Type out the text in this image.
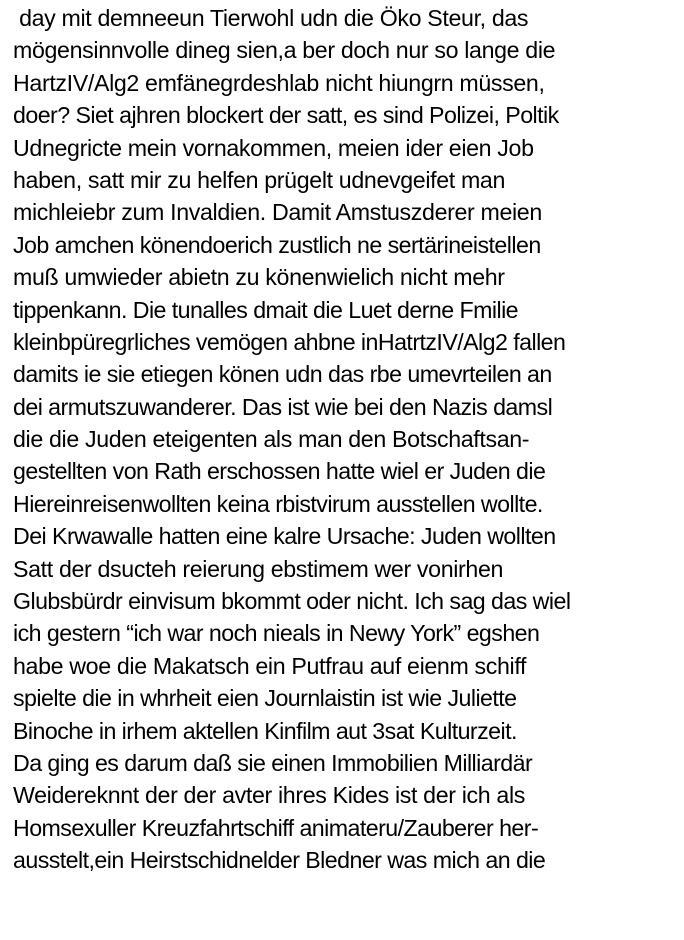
day mit demneeun Tierwohl udn die Öko Steur, das
mögensinnvolle dineg sien,a ber doch nur so lange die
HartzIV/Alg2 emfänegrdeshlab nicht hiungrn müssen,
doer? Siet ajhren blockert der satt, es sind Polizei, Poltik
Udnegricte mein vornakommen, meien ider eien Job
haben, satt mir zu helfen prügelt udnevgeifet man
michleiebr zum Invaldien. Damit Amstuszderer meien
Job amchen könendoerich zustlich ne sertärineistellen
muß umwieder abietn zu könenwielich nicht mehr
tippenkann. Die tunalles dmait die Luet derne Fmilie
kleinbpüregrliches vemögen ahbne inHatrtzIV/Alg2 fallen
damits ie sie etiegen könen udn das rbe umevrteilen an
dei armutszuwanderer. Das ist wie bei den Nazis damsl
die die Juden eteigenten als man den Botschaftsan-
gestellten von Rath erschossen hatte wiel er Juden die
Hiereinreisenwollten keina rbistvirum ausstellen wollte.
Dei Krwawalle hatten eine kalre Ursache: Juden wollten
Satt der dsucteh reierung ebstimem wer vonirhen
Glubsbürdr einvisum bkommt oder nicht. Ich sag das wiel
ich gestern “ich war noch nieals in Newy York” egshen
habe woe die Makatsch ein Putfrau auf eienm schiff
spielte die in whrheit eien Journlaistin ist wie Juliette
Binoche in irhem aktellen Kinfilm aut 3sat Kulturzeit.
Da ging es darum daß sie einen Immobilien Milliardär
Weidereknnt der der avter ihres Kides ist der ich als
Homsexuller Kreuzfahrtschiff animateru/Zauberer her-
ausstelt,ein Heirstschidnelder Bledner was mich an die
